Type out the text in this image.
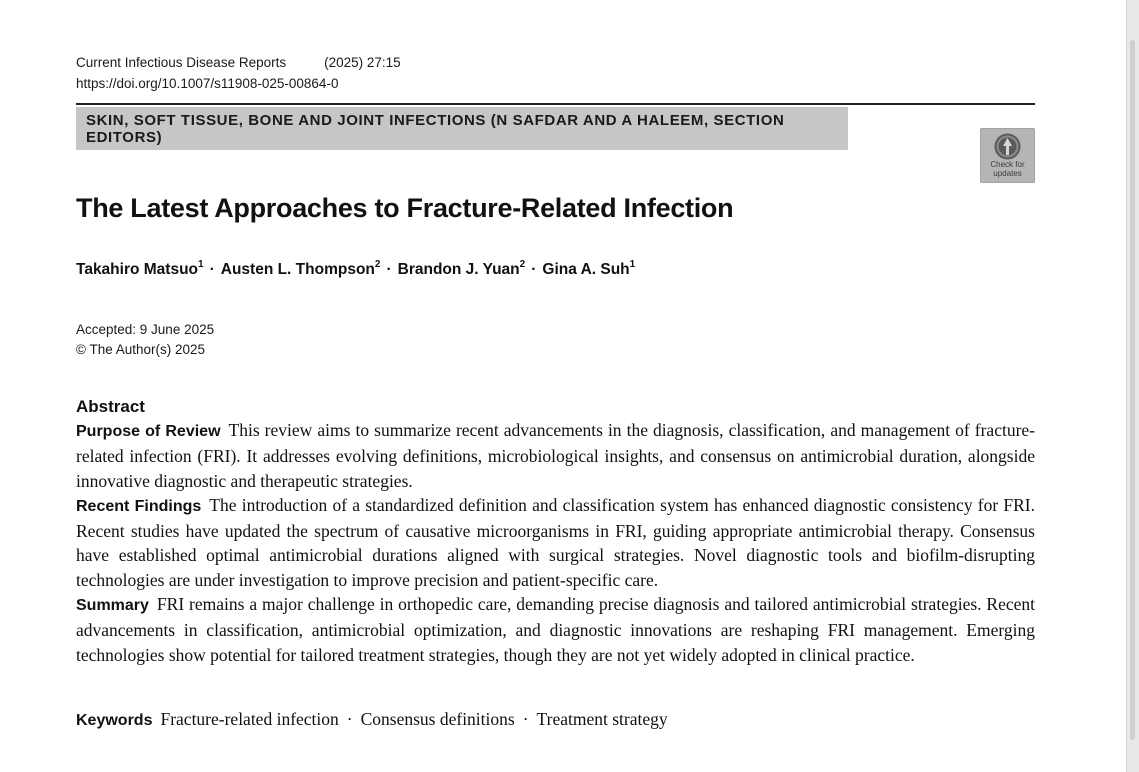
Current Infectious Disease Reports	(2025) 27:15
https://doi.org/10.1007/s11908-025-00864-0
SKIN, SOFT TISSUE, BONE AND JOINT INFECTIONS (N SAFDAR AND A HALEEM, SECTION EDITORS)
Check for updates
The Latest Approaches to Fracture-Related Infection
Takahiro Matsuo$^1$ · Austen L. Thompson$^2$ · Brandon J. Yuan$^2$ · Gina A. Suh$^1$
Accepted: 9 June 2025
© The Author(s) 2025
Abstract

Purpose of Review This review aims to summarize recent advancements in the diagnosis, classification, and management of fracture-related infection (FRI). It addresses evolving definitions, microbiological insights, and consensus on antimicrobial duration, alongside innovative diagnostic and therapeutic strategies.

Recent Findings The introduction of a standardized definition and classification system has enhanced diagnostic consistency for FRI. Recent studies have updated the spectrum of causative microorganisms in FRI, guiding appropriate antimicrobial therapy. Consensus have established optimal antimicrobial durations aligned with surgical strategies. Novel diagnostic tools and biofilm-disrupting technologies are under investigation to improve precision and patient-specific care.

Summary FRI remains a major challenge in orthopedic care, demanding precise diagnosis and tailored antimicrobial strategies. Recent advancements in classification, antimicrobial optimization, and diagnostic innovations are reshaping FRI management. Emerging technologies show potential for tailored treatment strategies, though they are not yet widely adopted in clinical practice.

Keywords Fracture-related infection · Consensus definitions · Treatment strategy
